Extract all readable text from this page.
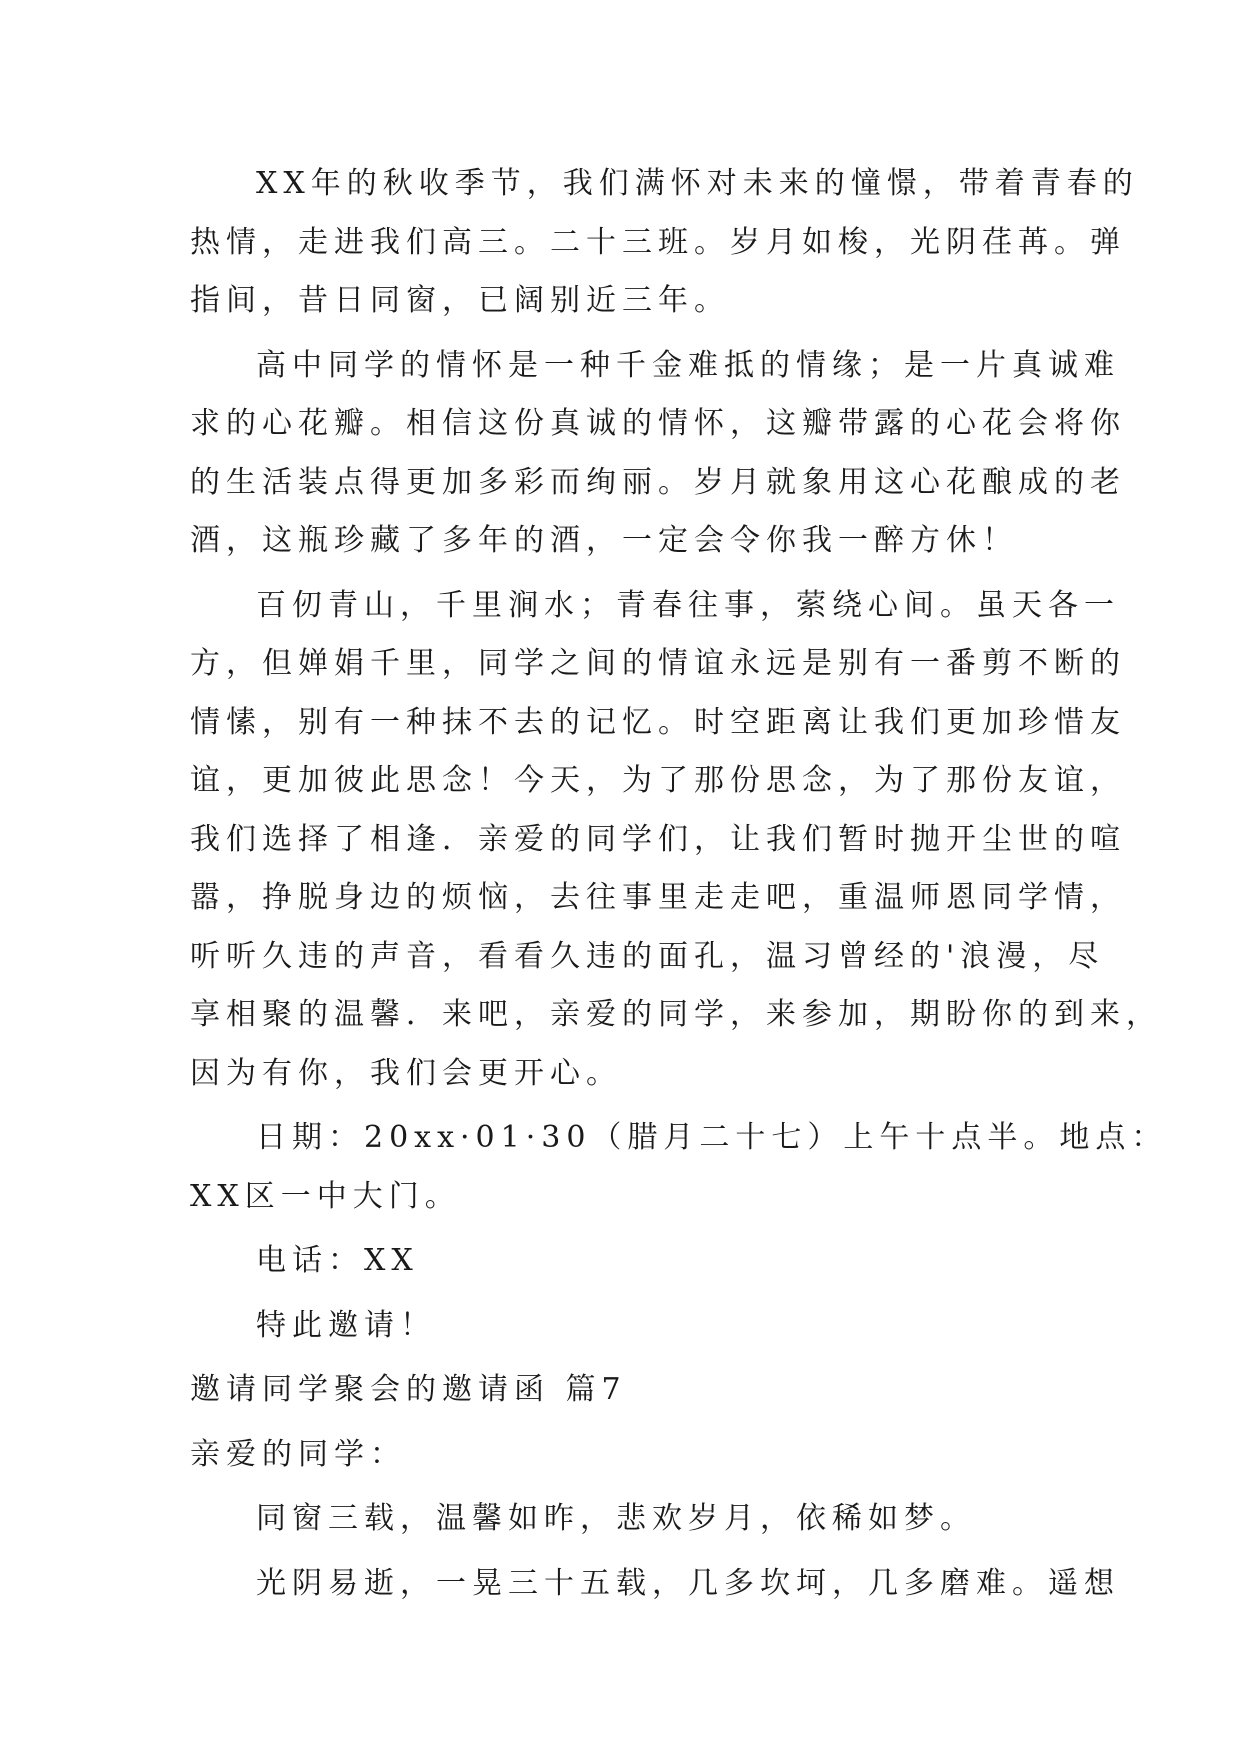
XX年的秋收季节，我们满怀对未来的憧憬，带着青春的
热情，走进我们高三。二十三班。岁月如梭，光阴荏苒。弹
指间，昔日同窗，已阔别近三年。
高中同学的情怀是一种千金难抵的情缘；是一片真诚难
求的心花瓣。相信这份真诚的情怀，这瓣带露的心花会将你
的生活装点得更加多彩而绚丽。岁月就象用这心花酿成的老
酒，这瓶珍藏了多年的酒，一定会令你我一醉方休！
百仞青山，千里涧水；青春往事，萦绕心间。虽天各一
方，但婵娟千里，同学之间的情谊永远是别有一番剪不断的
情愫，别有一种抹不去的记忆。时空距离让我们更加珍惜友
谊，更加彼此思念！今天，为了那份思念，为了那份友谊，
我们选择了相逢．亲爱的同学们，让我们暂时抛开尘世的喧
嚣，挣脱身边的烦恼，去往事里走走吧，重温师恩同学情，
听听久违的声音，看看久违的面孔，温习曾经的'浪漫，尽
享相聚的温馨．来吧，亲爱的同学，来参加，期盼你的到来，
因为有你，我们会更开心。
日期：20xx·01·30（腊月二十七）上午十点半。地点：
XX区一中大门。
电话：XX
特此邀请！
邀请同学聚会的邀请函 篇7
亲爱的同学：
同窗三载，温馨如昨，悲欢岁月，依稀如梦。
光阴易逝，一晃三十五载，几多坎坷，几多磨难。遥想
